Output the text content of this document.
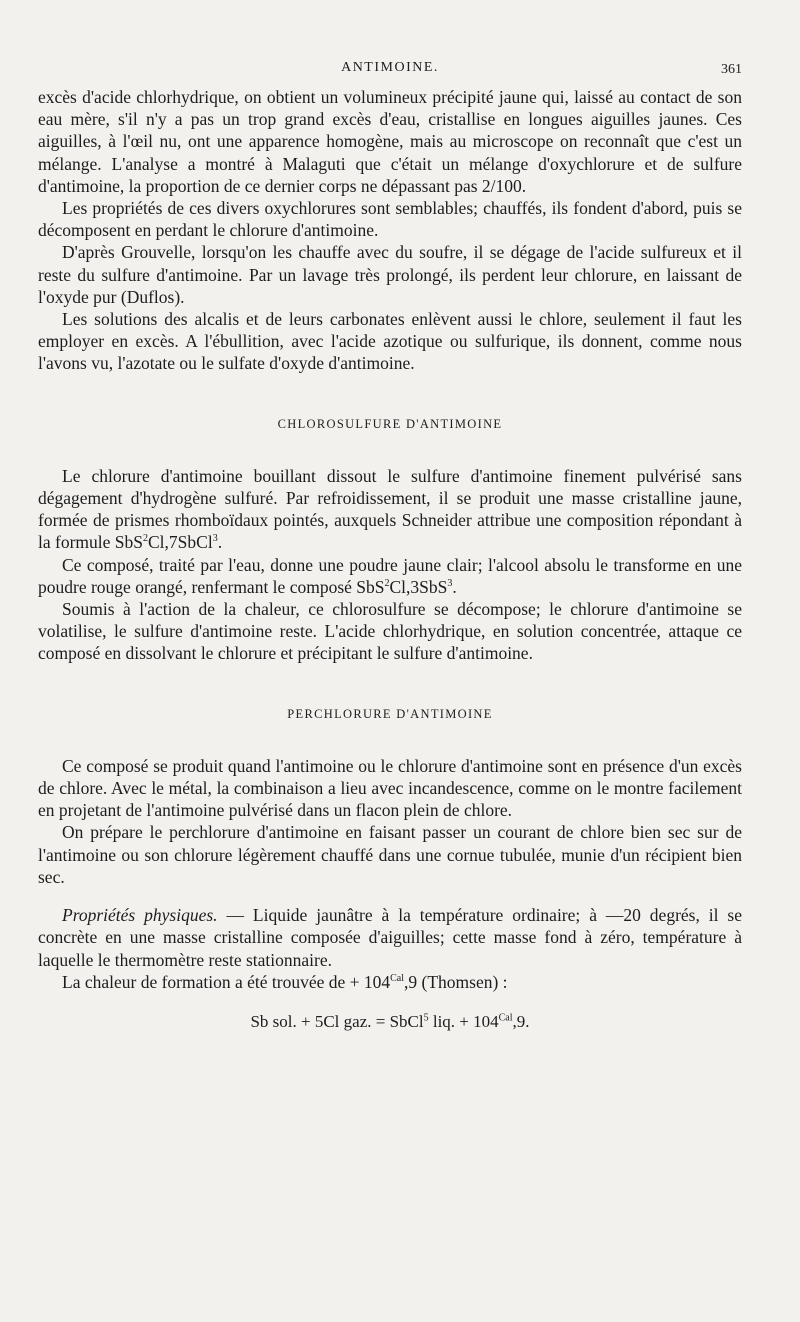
ANTIMOINE.	361

excès d'acide chlorhydrique, on obtient un volumineux précipité jaune qui, laissé au contact de son eau mère, s'il n'y a pas un trop grand excès d'eau, cristallise en longues aiguilles jaunes. Ces aiguilles, à l'œil nu, ont une apparence homogène, mais au microscope on reconnaît que c'est un mélange. L'analyse a montré à Malaguti que c'était un mélange d'oxychlorure et de sulfure d'antimoine, la proportion de ce dernier corps ne dépassant pas 2/100.

Les propriétés de ces divers oxychlorures sont semblables; chauffés, ils fondent d'abord, puis se décomposent en perdant le chlorure d'antimoine.

D'après Grouvelle, lorsqu'on les chauffe avec du soufre, il se dégage de l'acide sulfureux et il reste du sulfure d'antimoine. Par un lavage très prolongé, ils perdent leur chlorure, en laissant de l'oxyde pur (Duflos).

Les solutions des alcalis et de leurs carbonates enlèvent aussi le chlore, seulement il faut les employer en excès. A l'ébullition, avec l'acide azotique ou sulfurique, ils donnent, comme nous l'avons vu, l'azotate ou le sulfate d'oxyde d'antimoine.

CHLOROSULFURE D'ANTIMOINE

Le chlorure d'antimoine bouillant dissout le sulfure d'antimoine finement pulvérisé sans dégagement d'hydrogène sulfuré. Par refroidissement, il se produit une masse cristalline jaune, formée de prismes rhomboïdaux pointés, auxquels Schneider attribue une composition répondant à la formule SbS$^2$Cl,7SbCl$^3$.

Ce composé, traité par l'eau, donne une poudre jaune clair; l'alcool absolu le transforme en une poudre rouge orangé, renfermant le composé SbS$^2$Cl,3SbS$^3$.

Soumis à l'action de la chaleur, ce chlorosulfure se décompose; le chlorure d'antimoine se volatilise, le sulfure d'antimoine reste. L'acide chlorhydrique, en solution concentrée, attaque ce composé en dissolvant le chlorure et précipitant le sulfure d'antimoine.

PERCHLORURE D'ANTIMOINE

Ce composé se produit quand l'antimoine ou le chlorure d'antimoine sont en présence d'un excès de chlore. Avec le métal, la combinaison a lieu avec incandescence, comme on le montre facilement en projetant de l'antimoine pulvérisé dans un flacon plein de chlore.

On prépare le perchlorure d'antimoine en faisant passer un courant de chlore bien sec sur de l'antimoine ou son chlorure légèrement chauffé dans une cornue tubulée, munie d'un récipient bien sec.

Propriétés physiques. — Liquide jaunâtre à la température ordinaire; à —20 degrés, il se concrète en une masse cristalline composée d'aiguilles; cette masse fond à zéro, température à laquelle le thermomètre reste stationnaire.

La chaleur de formation a été trouvée de + $104^{Cal},9$ (Thomsen) :

Sb sol. + 5Cl gaz. = SbCl$^5$ liq. + $104^{Cal},9$.
